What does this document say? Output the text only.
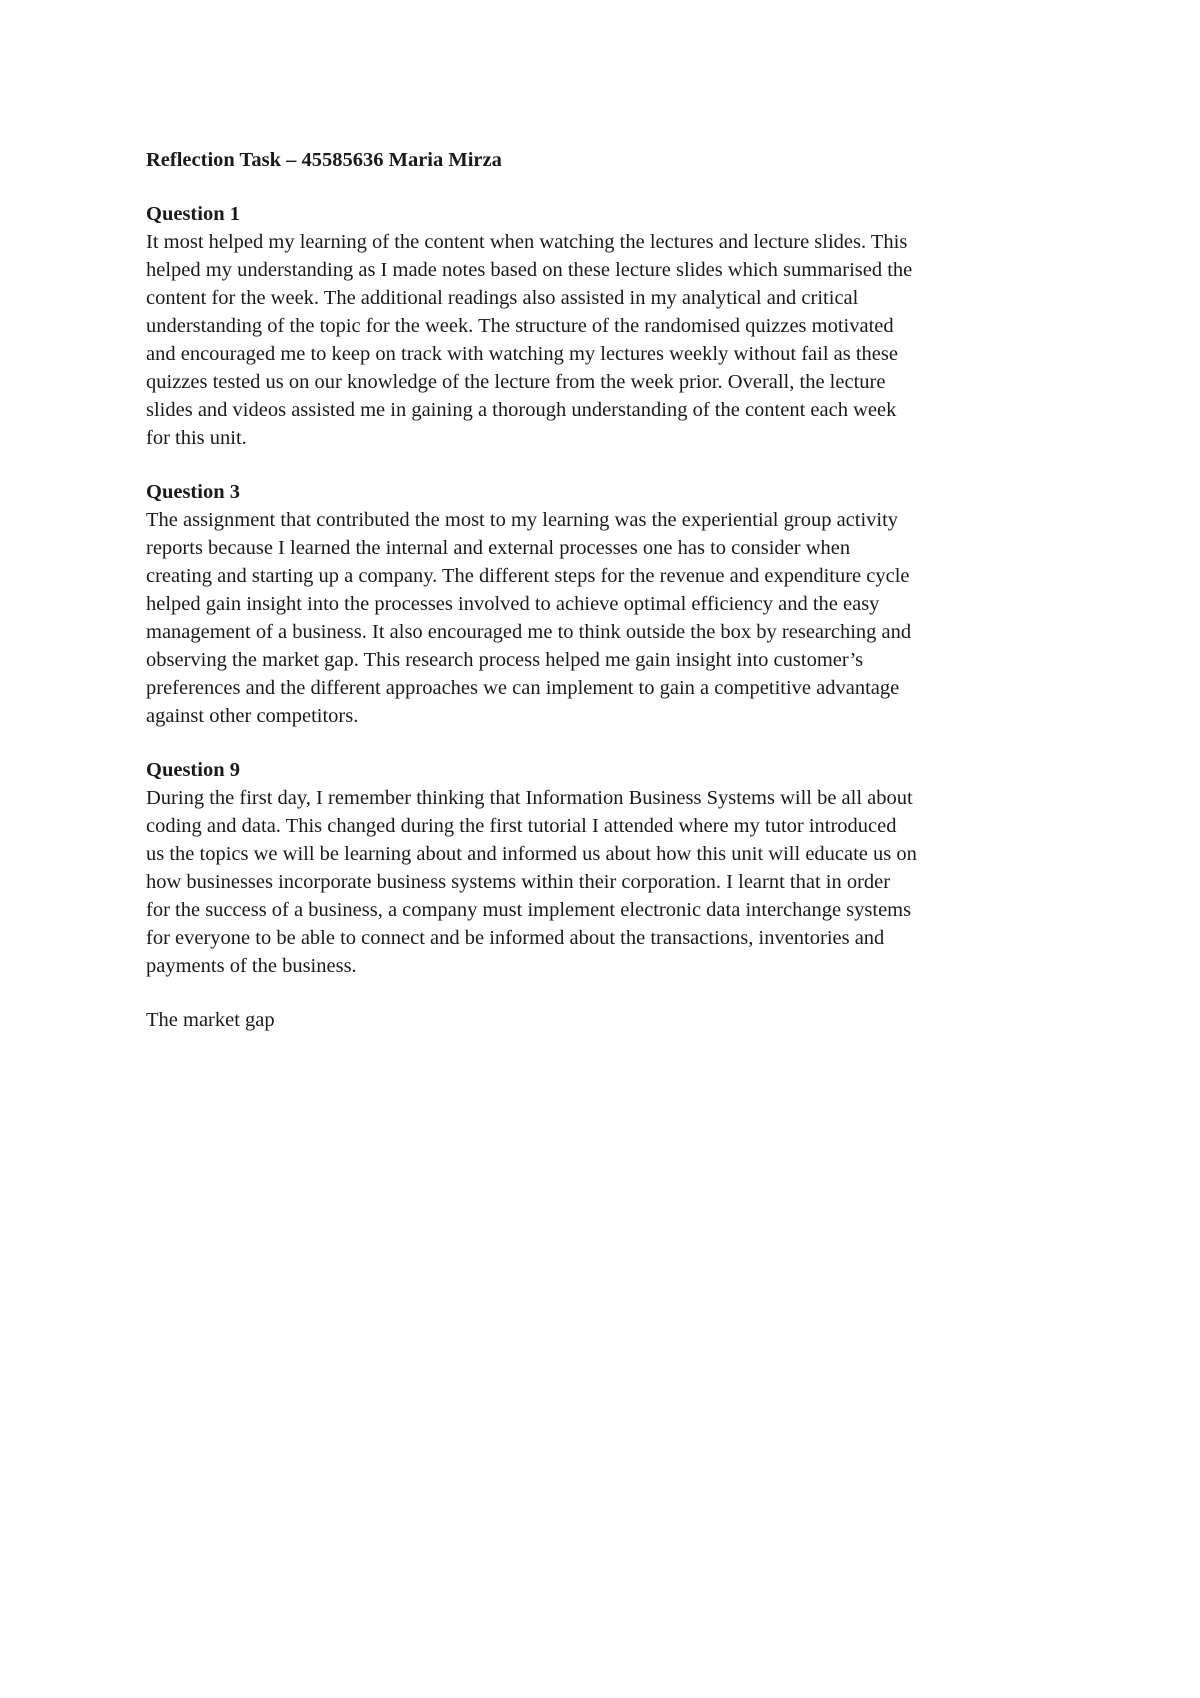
Reflection Task – 45585636 Maria Mirza

Question 1

It most helped my learning of the content when watching the lectures and lecture slides. This
helped my understanding as I made notes based on these lecture slides which summarised the
content for the week. The additional readings also assisted in my analytical and critical
understanding of the topic for the week. The structure of the randomised quizzes motivated
and encouraged me to keep on track with watching my lectures weekly without fail as these
quizzes tested us on our knowledge of the lecture from the week prior. Overall, the lecture
slides and videos assisted me in gaining a thorough understanding of the content each week
for this unit.

Question 3

The assignment that contributed the most to my learning was the experiential group activity
reports because I learned the internal and external processes one has to consider when
creating and starting up a company. The different steps for the revenue and expenditure cycle
helped gain insight into the processes involved to achieve optimal efficiency and the easy
management of a business. It also encouraged me to think outside the box by researching and
observing the market gap. This research process helped me gain insight into customer’s
preferences and the different approaches we can implement to gain a competitive advantage
against other competitors.

Question 9

During the first day, I remember thinking that Information Business Systems will be all about
coding and data. This changed during the first tutorial I attended where my tutor introduced
us the topics we will be learning about and informed us about how this unit will educate us on
how businesses incorporate business systems within their corporation. I learnt that in order
for the success of a business, a company must implement electronic data interchange systems
for everyone to be able to connect and be informed about the transactions, inventories and
payments of the business.
The market gap
